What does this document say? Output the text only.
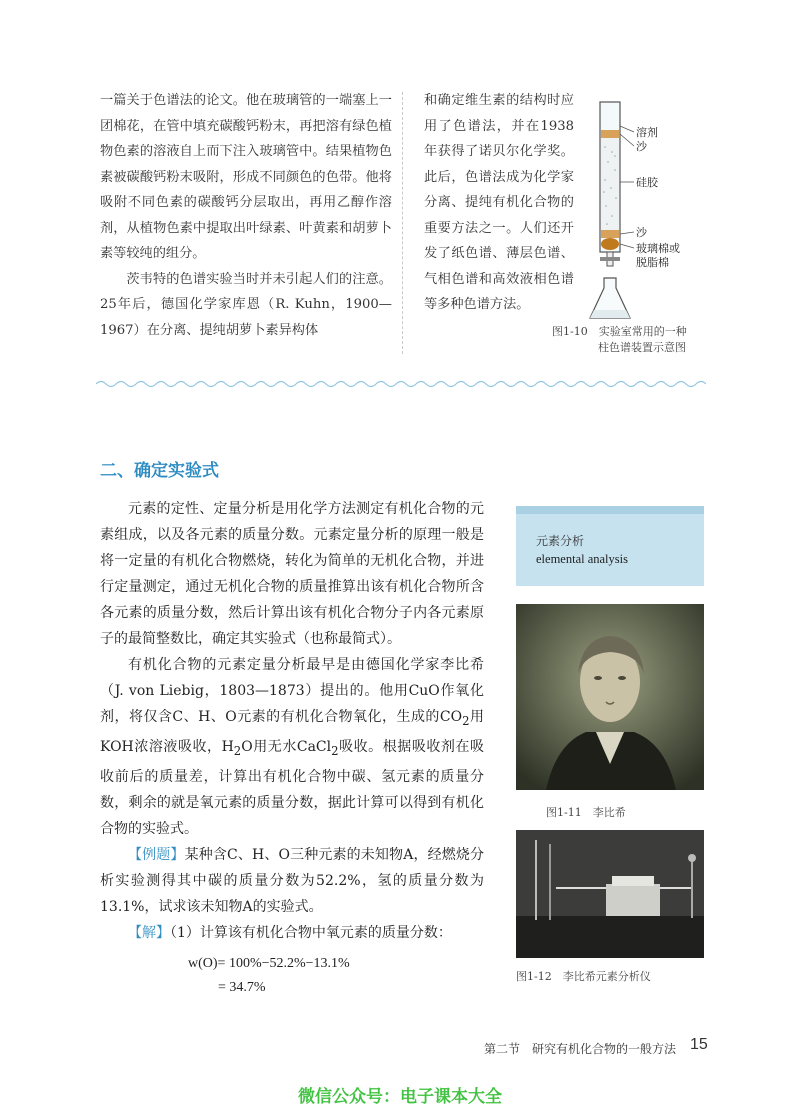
一篇关于色谱法的论文。他在玻璃管的一端塞上一团棉花，在管中填充碳酸钙粉末，再把溶有绿色植物色素的溶液自上而下注入玻璃管中。结果植物色素被碳酸钙粉末吸附，形成不同颜色的色带。他将吸附不同色素的碳酸钙分层取出，再用乙醇作溶剂，从植物色素中提取出叶绿素、叶黄素和胡萝卜素等较纯的组分。

茨韦特的色谱实验当时并未引起人们的注意。25年后，德国化学家库恩（R. Kuhn，1900—1967）在分离、提纯胡萝卜素异构体

和确定维生素的结构时应用了色谱法，并在1938年获得了诺贝尔化学奖。此后，色谱法成为化学家分离、提纯有机化合物的重要方法之一。人们还开发了纸色谱、薄层色谱、气相色谱和高效液相色谱等多种色谱方法。
溶剂
沙
硅胶
沙
玻璃棉或
脱脂棉
图1-10　实验室常用的一种
柱色谱装置示意图
二、确定实验式

元素的定性、定量分析是用化学方法测定有机化合物的元素组成，以及各元素的质量分数。元素定量分析的原理一般是将一定量的有机化合物燃烧，转化为简单的无机化合物，并进行定量测定，通过无机化合物的质量推算出该有机化合物所含各元素的质量分数，然后计算出该有机化合物分子内各元素原子的最简整数比，确定其实验式（也称最简式）。

有机化合物的元素定量分析最早是由德国化学家李比希（J. von Liebig，1803—1873）提出的。他用CuO作氧化剂，将仅含C、H、O元素的有机化合物氧化，生成的$CO_2$用KOH浓溶液吸收，$H_2O$用无水CaCl$_2$吸收。根据吸收剂在吸收前后的质量差，计算出有机化合物中碳、氢元素的质量分数，剩余的就是氧元素的质量分数，据此计算可以得到有机化合物的实验式。

【例题】某种含C、H、O三种元素的未知物A，经燃烧分析实验测得其中碳的质量分数为52.2%，氢的质量分数为13.1%，试求该未知物A的实验式。

【解】（1）计算该有机化合物中氧元素的质量分数：

w(O)= 100%−52.2%−13.1%
= 34.7%
元素分析
elemental analysis
图1-11　李比希
图1-12　李比希元素分析仪
第二节　研究有机化合物的一般方法 15
微信公众号：电子课本大全
